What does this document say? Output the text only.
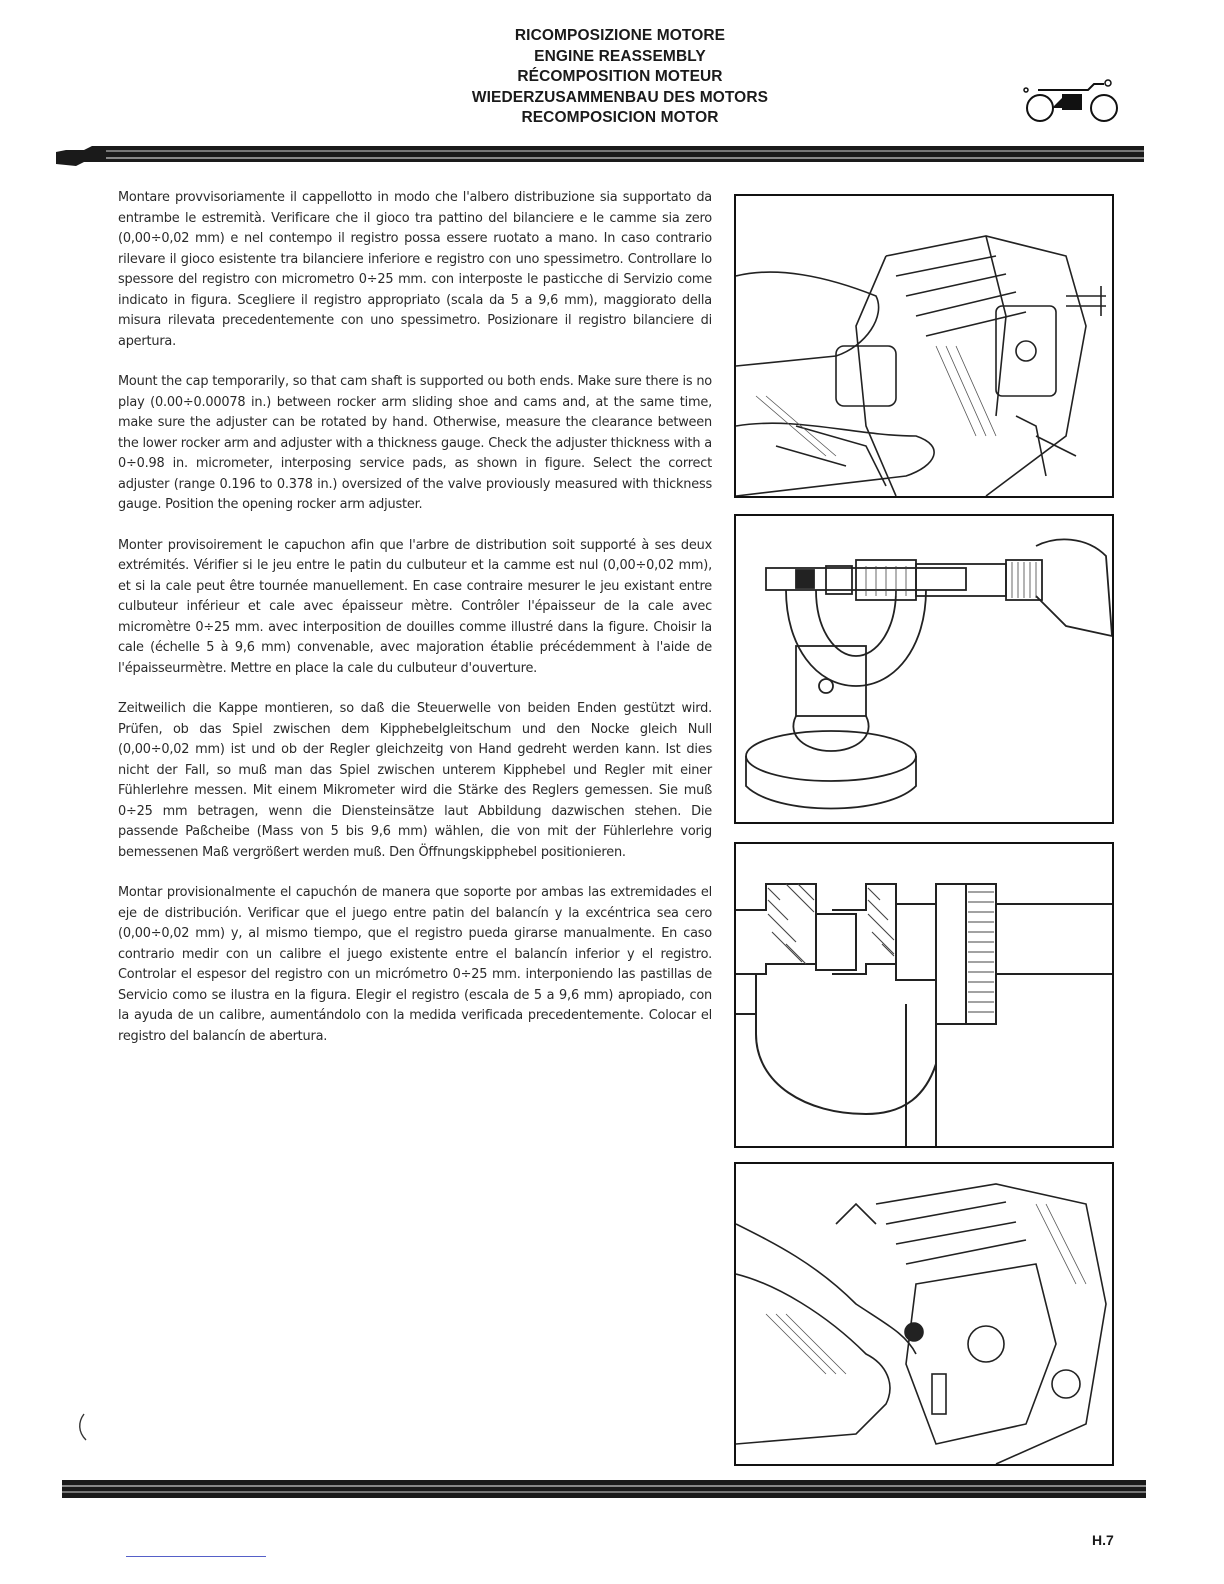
RICOMPOSIZIONE MOTORE
ENGINE REASSEMBLY
RÉCOMPOSITION MOTEUR
WIEDERZUSAMMENBAU DES MOTORS
RECOMPOSICION MOTOR

Montare provvisoriamente il cappellotto in modo che l'albero distribuzione sia supportato da entrambe le estremità. Verificare che il gioco tra pattino del bilanciere e le camme sia zero (0,00÷0,02 mm) e nel contempo il registro possa essere ruotato a mano. In caso contrario rilevare il gioco esistente tra bilanciere inferiore e registro con uno spessimetro. Controllare lo spessore del registro con micrometro 0÷25 mm. con interposte le pasticche di Servizio come indicato in figura. Scegliere il registro appropriato (scala da 5 a 9,6 mm), maggiorato della misura rilevata precedentemente con uno spessimetro. Posizionare il registro bilanciere di apertura.

Mount the cap temporarily, so that cam shaft is supported ou both ends. Make sure there is no play (0.00÷0.00078 in.) between rocker arm sliding shoe and cams and, at the same time, make sure the adjuster can be rotated by hand. Otherwise, measure the clearance between the lower rocker arm and adjuster with a thickness gauge. Check the adjuster thickness with a 0÷0.98 in. micrometer, interposing service pads, as shown in figure. Select the correct adjuster (range 0.196 to 0.378 in.) oversized of the valve proviously measured with thickness gauge. Position the opening rocker arm adjuster.

Monter provisoirement le capuchon afin que l'arbre de distribution soit supporté à ses deux extrémités. Vérifier si le jeu entre le patin du culbuteur et la camme est nul (0,00÷0,02 mm), et si la cale peut être tournée manuellement. En case contraire mesurer le jeu existant entre culbuteur inférieur et cale avec épaisseur mètre. Contrôler l'épaisseur de la cale avec micromètre 0÷25 mm. avec interposition de douilles comme illustré dans la figure. Choisir la cale (échelle 5 à 9,6 mm) convenable, avec majoration établie précédemment à l'aide de l'épaisseurmètre. Mettre en place la cale du culbuteur d'ouverture.

Zeitweilich die Kappe montieren, so daß die Steuerwelle von beiden Enden gestützt wird. Prüfen, ob das Spiel zwischen dem Kipphebelgleitschum und den Nocke gleich Null (0,00÷0,02 mm) ist und ob der Regler gleichzeitg von Hand gedreht werden kann. Ist dies nicht der Fall, so muß man das Spiel zwischen unterem Kipphebel und Regler mit einer Fühlerlehre messen. Mit einem Mikrometer wird die Stärke des Reglers gemessen. Sie muß 0÷25 mm betragen, wenn die Diensteinsätze laut Abbildung dazwischen stehen. Die passende Paßcheibe (Mass von 5 bis 9,6 mm) wählen, die von mit der Fühlerlehre vorig bemessenen Maß vergrößert werden muß. Den Öffnungskipphebel positionieren.

Montar provisionalmente el capuchón de manera que soporte por ambas las extremidades el eje de distribución. Verificar que el juego entre patin del balancín y la excéntrica sea cero (0,00÷0,02 mm) y, al mismo tiempo, que el registro pueda girarse manualmente. En caso contrario medir con un calibre el juego existente entre el balancín inferior y el registro. Controlar el espesor del registro con un micrómetro 0÷25 mm. interponiendo las pastillas de Servicio como se ilustra en la figura. Elegir el registro (escala de 5 a 9,6 mm) apropiado, con la ayuda de un calibre, aumentándolo con la medida verificada precedentemente. Colocar el registro del balancín de abertura.

H.7
